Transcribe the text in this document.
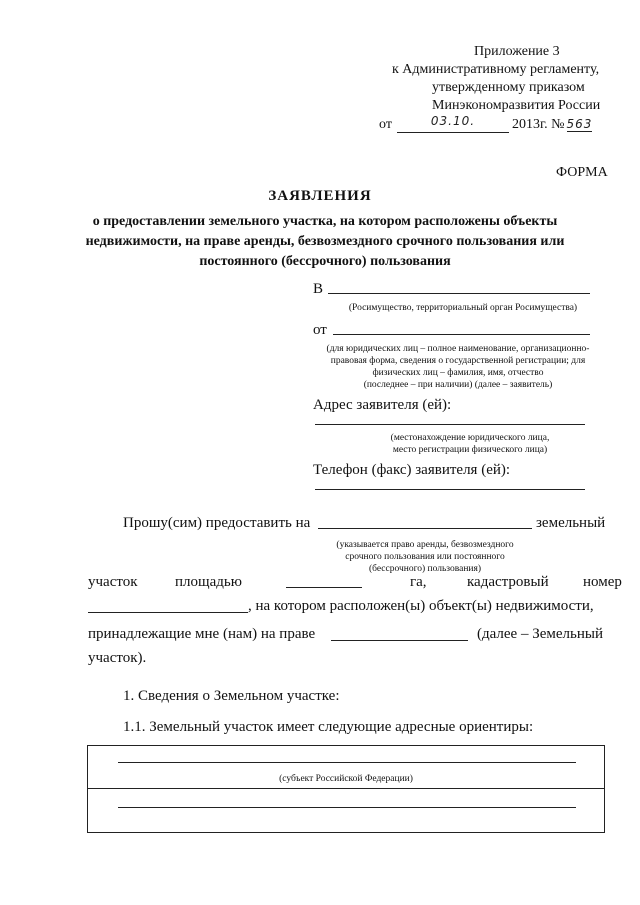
Приложение 3
к Административному регламенту,
утвержденному приказом
Минэкономразвития России
от	03.10.	2013г. № 563
ФОРМА
ЗАЯВЛЕНИЯ
о предоставлении земельного участка, на котором расположены объекты
недвижимости, на праве аренды, безвозмездного срочного пользования или
постоянного (бессрочного) пользования
В
(Росимущество, территориальный орган Росимущества)
от
(для юридических лиц – полное наименование, организационно-
правовая форма, сведения о государственной регистрации; для
физических лиц – фамилия, имя, отчество
(последнее – при наличии) (далее – заявитель)
Адрес заявителя (ей):
(местонахождение юридического лица,
место регистрации физического лица)
Телефон (факс) заявителя (ей):
Прошу(сим) предоставить на	земельный
(указывается право аренды, безвозмездного
срочного пользования или постоянного
(бессрочного) пользования)
участок площадью	га,	кадастровый номер
, на котором расположен(ы) объект(ы) недвижимости,
принадлежащие мне (нам) на праве	(далее – Земельный
участок).
1. Сведения о Земельном участке:
1.1. Земельный участок имеет следующие адресные ориентиры:
(субъект Российской Федерации)
